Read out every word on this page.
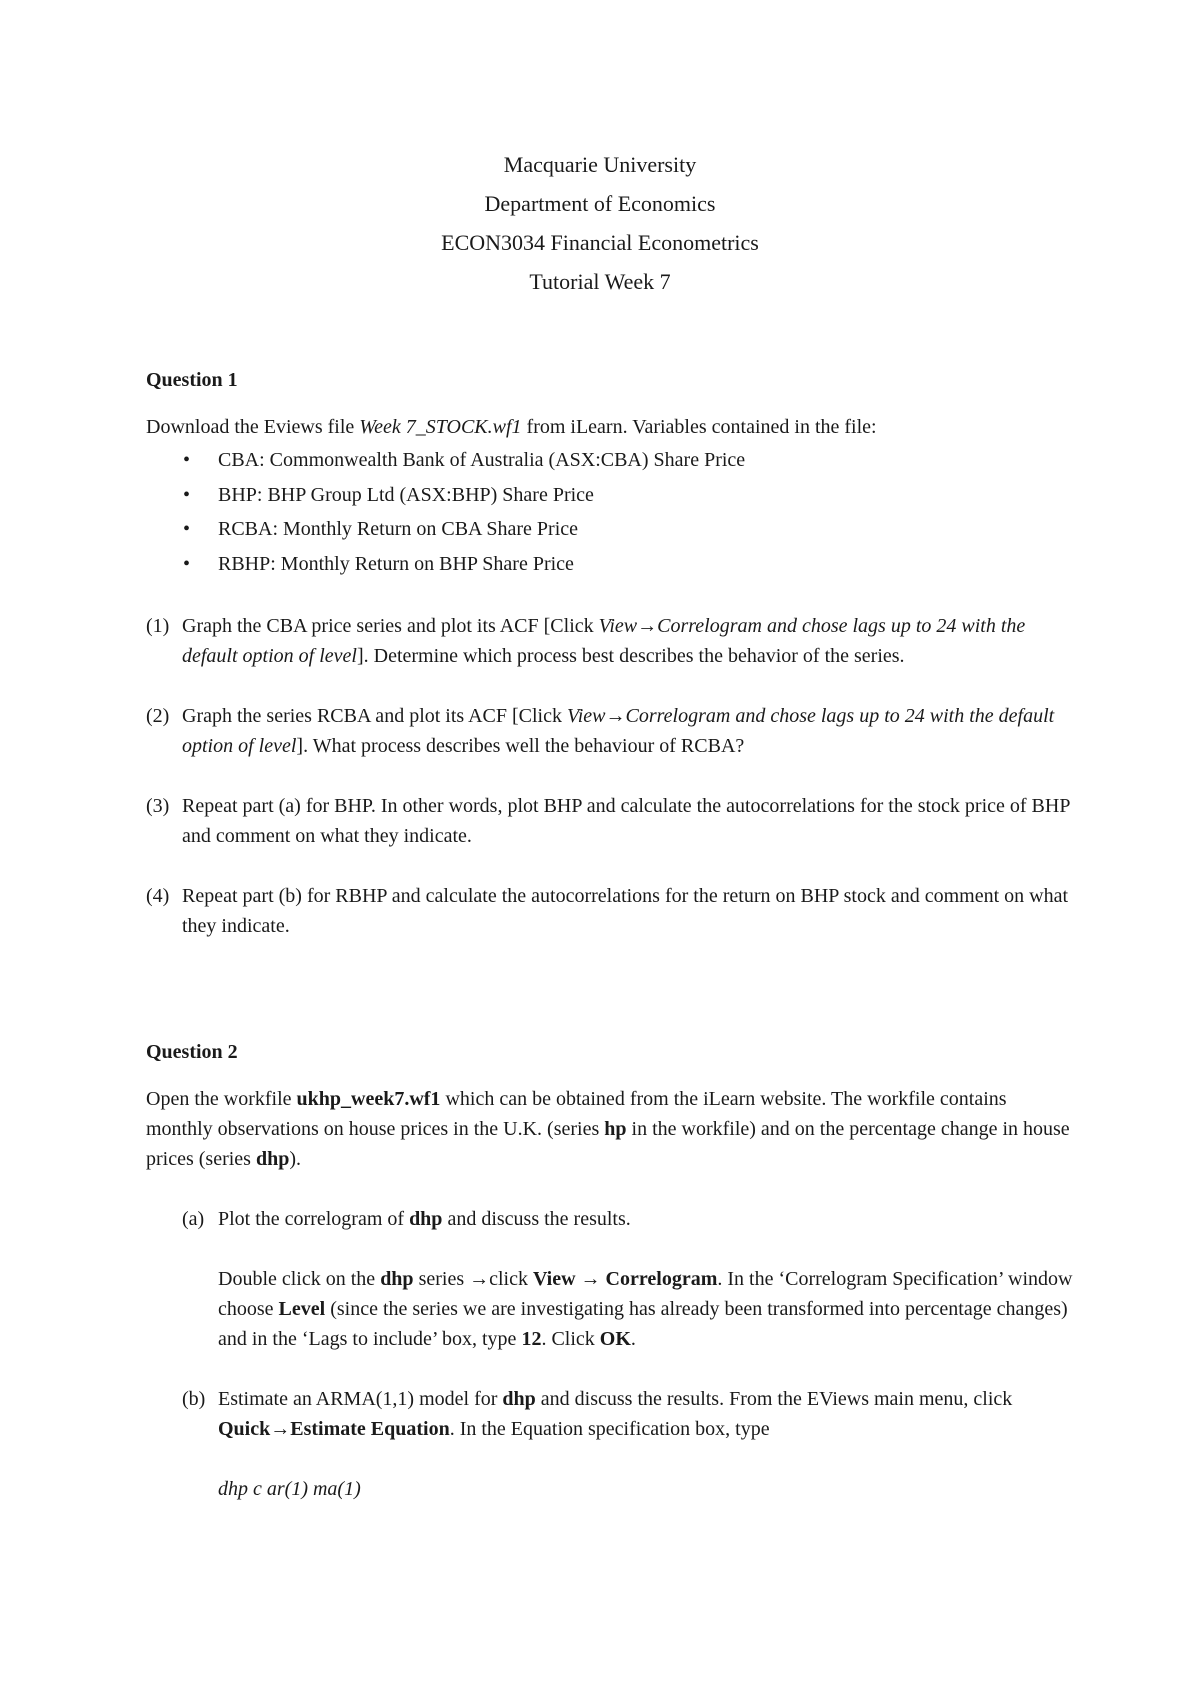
Macquarie University
Department of Economics
ECON3034 Financial Econometrics
Tutorial Week 7
Question 1

Download the Eviews file Week 7_STOCK.wf1 from iLearn. Variables contained in the file:

• CBA: Commonwealth Bank of Australia (ASX:CBA) Share Price
• BHP: BHP Group Ltd (ASX:BHP) Share Price
• RCBA: Monthly Return on CBA Share Price
• RBHP: Monthly Return on BHP Share Price
(1) Graph the CBA price series and plot its ACF [Click View→Correlogram and chose lags up to 24 with the default option of level]. Determine which process best describes the behavior of the series.
(2) Graph the series RCBA and plot its ACF [Click View→Correlogram and chose lags up to 24 with the default option of level]. What process describes well the behaviour of RCBA?
(3) Repeat part (a) for BHP. In other words, plot BHP and calculate the autocorrelations for the stock price of BHP and comment on what they indicate.
(4) Repeat part (b) for RBHP and calculate the autocorrelations for the return on BHP stock and comment on what they indicate.
Question 2

Open the workfile ukhp_week7.wf1 which can be obtained from the iLearn website. The workfile contains monthly observations on house prices in the U.K. (series hp in the workfile) and on the percentage change in house prices (series dhp).

(a) Plot the correlogram of dhp and discuss the results.
Double click on the dhp series →click View → Correlogram. In the ‘Correlogram Specification’ window choose Level (since the series we are investigating has already been transformed into percentage changes) and in the ‘Lags to include’ box, type 12. Click OK.
(b) Estimate an ARMA(1,1) model for dhp and discuss the results. From the EViews main menu, click Quick→Estimate Equation. In the Equation specification box, type
dhp c ar(1) ma(1)
